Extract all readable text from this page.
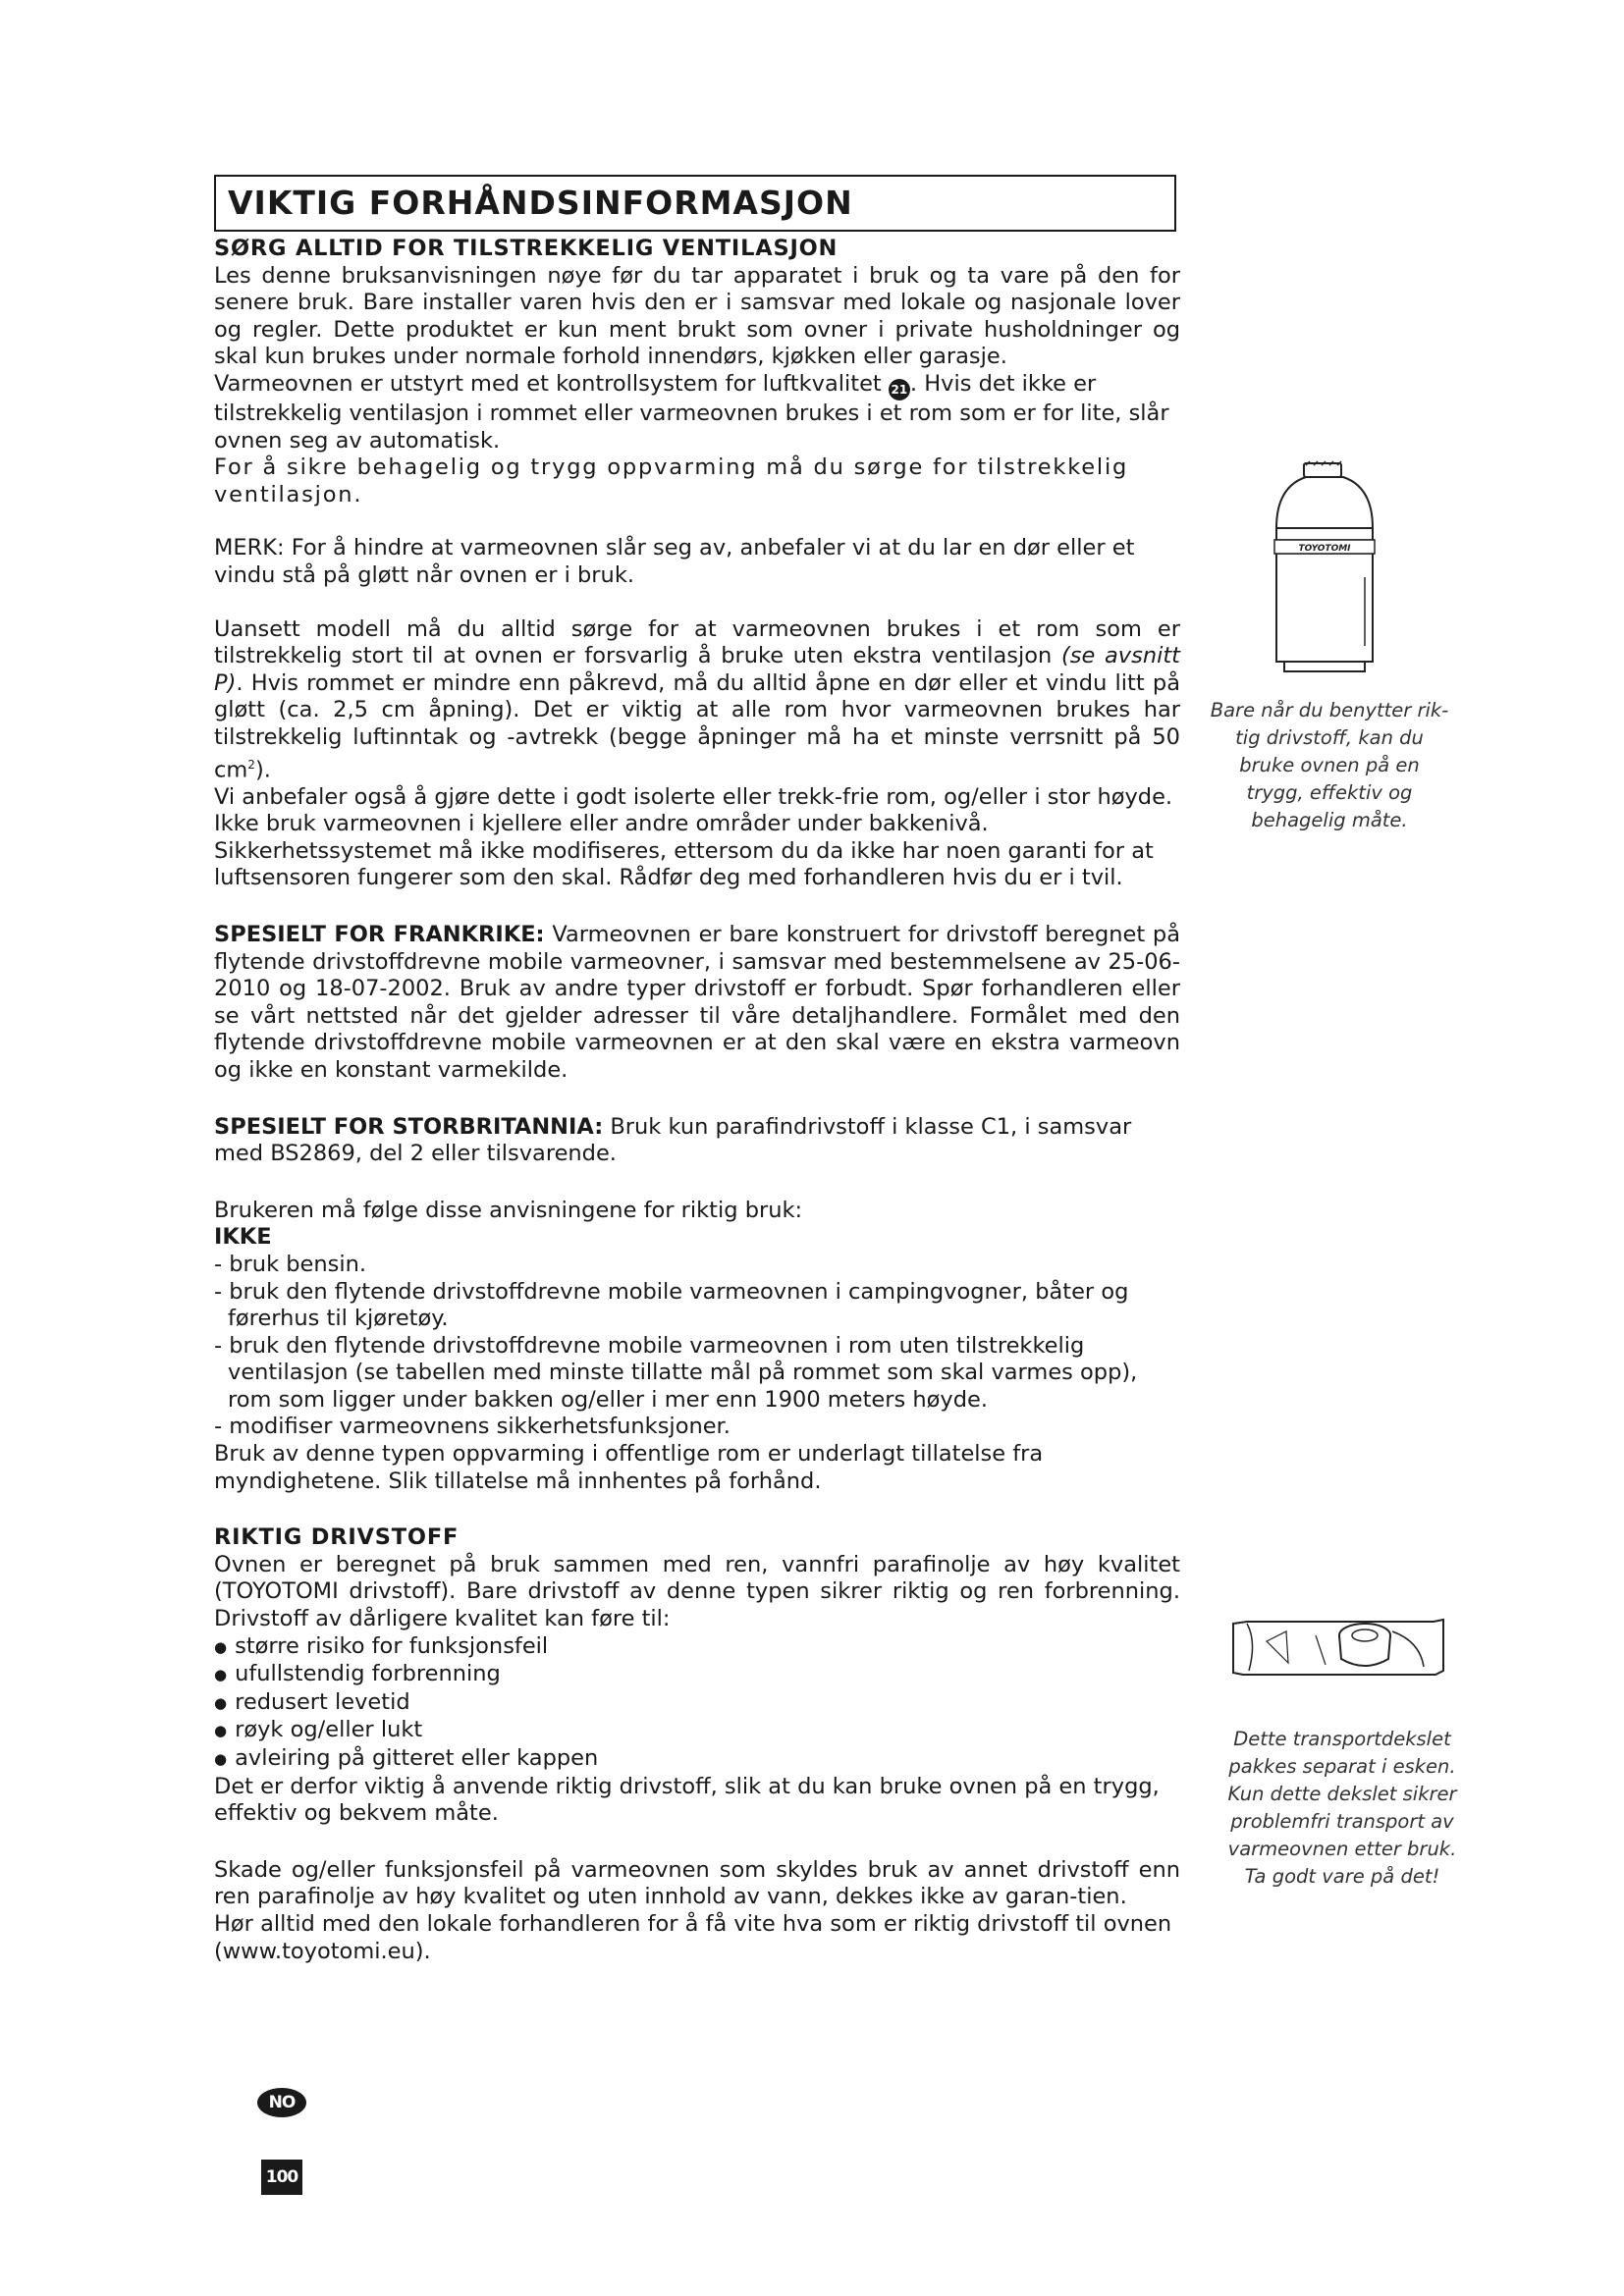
VIKTIG FORHÅNDSINFORMASJON

SØRG ALLTID FOR TILSTREKKELIG VENTILASJON

Les denne bruksanvisningen nøye før du tar apparatet i bruk og ta vare på den for senere bruk. Bare installer varen hvis den er i samsvar med lokale og nasjonale lover og regler. Dette produktet er kun ment brukt som ovner i private husholdninger og skal kun brukes under normale forhold innendørs, kjøkken eller garasje.

Varmeovnen er utstyrt med et kontrollsystem for luftkvalitet 21 . Hvis det ikke er tilstrekkelig ventilasjon i rommet eller varmeovnen brukes i et rom som er for lite, slår ovnen seg av automatisk.

For å sikre behagelig og trygg oppvarming må du sørge for tilstrekkelig ventilasjon.

MERK: For å hindre at varmeovnen slår seg av, anbefaler vi at du lar en dør eller et vindu stå på gløtt når ovnen er i bruk.

Uansett modell må du alltid sørge for at varmeovnen brukes i et rom som er tilstrekkelig stort til at ovnen er forsvarlig å bruke uten ekstra ventilasjon (se avsnitt P). Hvis rommet er mindre enn påkrevd, må du alltid åpne en dør eller et vindu litt på gløtt (ca. 2,5 cm åpning). Det er viktig at alle rom hvor varmeovnen brukes har tilstrekkelig luftinntak og -avtrekk (begge åpninger må ha et minste verrsnitt på 50 $cm^2$).

Vi anbefaler også å gjøre dette i godt isolerte eller trekk-frie rom, og/eller i stor høyde. Ikke bruk varmeovnen i kjellere eller andre områder under bakkenivå.

Sikkerhetssystemet må ikke modifiseres, ettersom du da ikke har noen garanti for at luftsensoren fungerer som den skal. Rådfør deg med forhandleren hvis du er i tvil.

SPESIELT FOR FRANKRIKE: Varmeovnen er bare konstruert for drivstoff beregnet på flytende drivstoffdrevne mobile varmeovner, i samsvar med bestemmelsene av 25-06-2010 og 18-07-2002. Bruk av andre typer drivstoff er forbudt. Spør forhandleren eller se vårt nettsted når det gjelder adresser til våre detaljhandlere. Formålet med den flytende drivstoffdrevne mobile varmeovnen er at den skal være en ekstra varmeovn og ikke en konstant varmekilde.

SPESIELT FOR STORBRITANNIA: Bruk kun parafindrivstoff i klasse C1, i samsvar med BS2869, del 2 eller tilsvarende.

Brukeren må følge disse anvisningene for riktig bruk:

IKKE

- bruk bensin.
- bruk den flytende drivstoffdrevne mobile varmeovnen i campingvogner, båter og førerhus til kjøretøy.
- bruk den flytende drivstoffdrevne mobile varmeovnen i rom uten tilstrekkelig ventilasjon (se tabellen med minste tillatte mål på rommet som skal varmes opp), rom som ligger under bakken og/eller i mer enn 1900 meters høyde.
- modifiser varmeovnens sikkerhetsfunksjoner.

Bruk av denne typen oppvarming i offentlige rom er underlagt tillatelse fra myndighetene. Slik tillatelse må innhentes på forhånd.

RIKTIG DRIVSTOFF

Ovnen er beregnet på bruk sammen med ren, vannfri parafinolje av høy kvalitet (TOYOTOMI drivstoff). Bare drivstoff av denne typen sikrer riktig og ren forbrenning. Drivstoff av dårligere kvalitet kan føre til:

● større risiko for funksjonsfeil
● ufullstendig forbrenning
● redusert levetid
● røyk og/eller lukt
● avleiring på gitteret eller kappen

Det er derfor viktig å anvende riktig drivstoff, slik at du kan bruke ovnen på en trygg, effektiv og bekvem måte.

Skade og/eller funksjonsfeil på varmeovnen som skyldes bruk av annet drivstoff enn ren parafinolje av høy kvalitet og uten innhold av vann, dekkes ikke av garan-tien.

Hør alltid med den lokale forhandleren for å få vite hva som er riktig drivstoff til ovnen (www.toyotomi.eu).

TOYOTOMI
Bare når du benytter rik-
tig drivstoff, kan du
bruke ovnen på en
trygg, effektiv og
behagelig måte.
Dette transportdekslet
pakkes separat i esken.
Kun dette dekslet sikrer
problemfri transport av
varmeovnen etter bruk.
Ta godt vare på det!
NO
100
